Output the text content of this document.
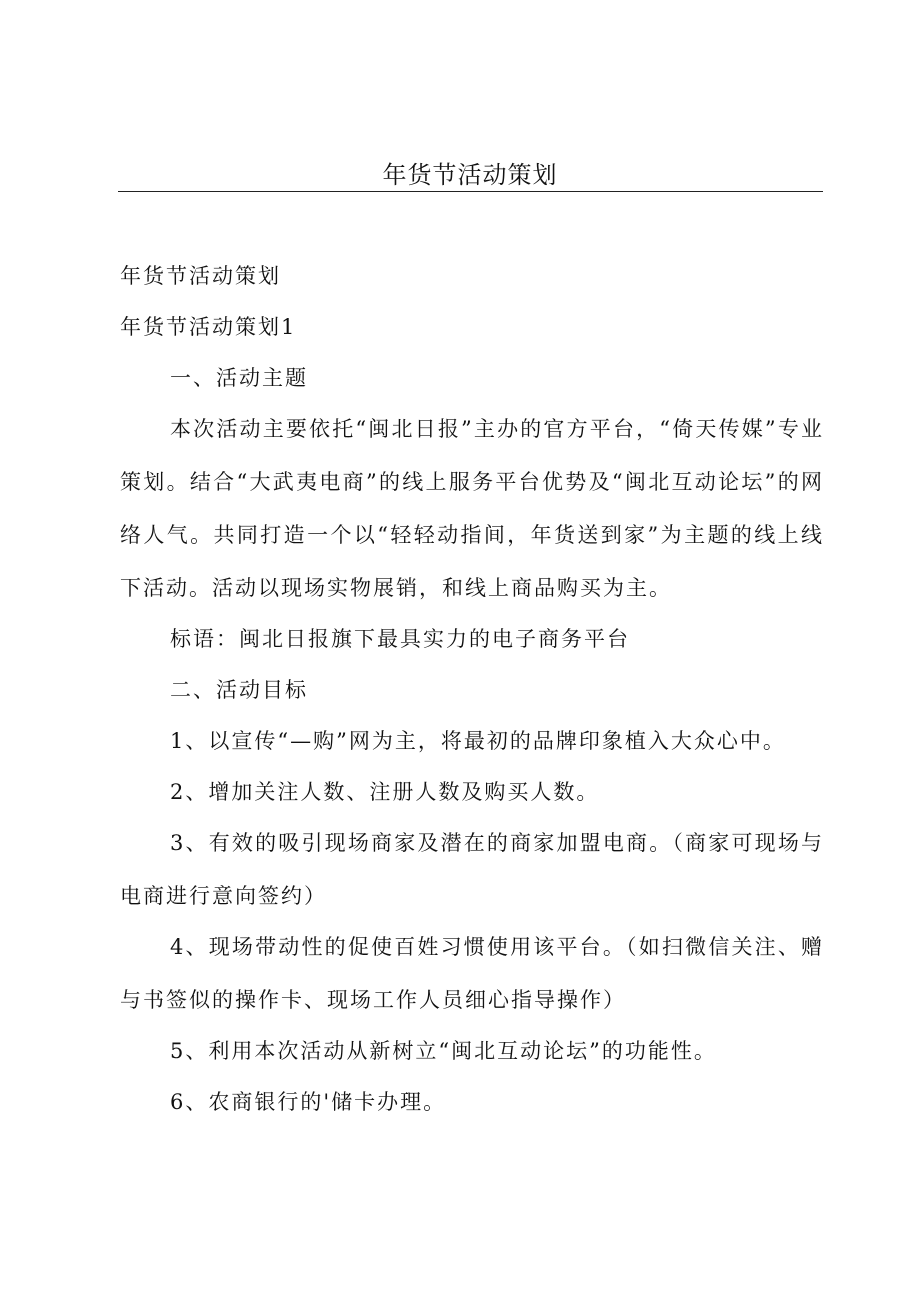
年货节活动策划
年货节活动策划
年货节活动策划1
一、活动主题
本次活动主要依托“闽北日报”主办的官方平台，“倚天传媒”专业策划。结合“大武夷电商”的线上服务平台优势及“闽北互动论坛”的网络人气。共同打造一个以“轻轻动指间，年货送到家”为主题的线上线下活动。活动以现场实物展销，和线上商品购买为主。
标语：闽北日报旗下最具实力的电子商务平台
二、活动目标
1、以宣传“—购”网为主，将最初的品牌印象植入大众心中。
2、增加关注人数、注册人数及购买人数。
3、有效的吸引现场商家及潜在的商家加盟电商。（商家可现场与电商进行意向签约）
4、现场带动性的促使百姓习惯使用该平台。（如扫微信关注、赠与书签似的操作卡、现场工作人员细心指导操作）
5、利用本次活动从新树立“闽北互动论坛”的功能性。
6、农商银行的'储卡办理。
